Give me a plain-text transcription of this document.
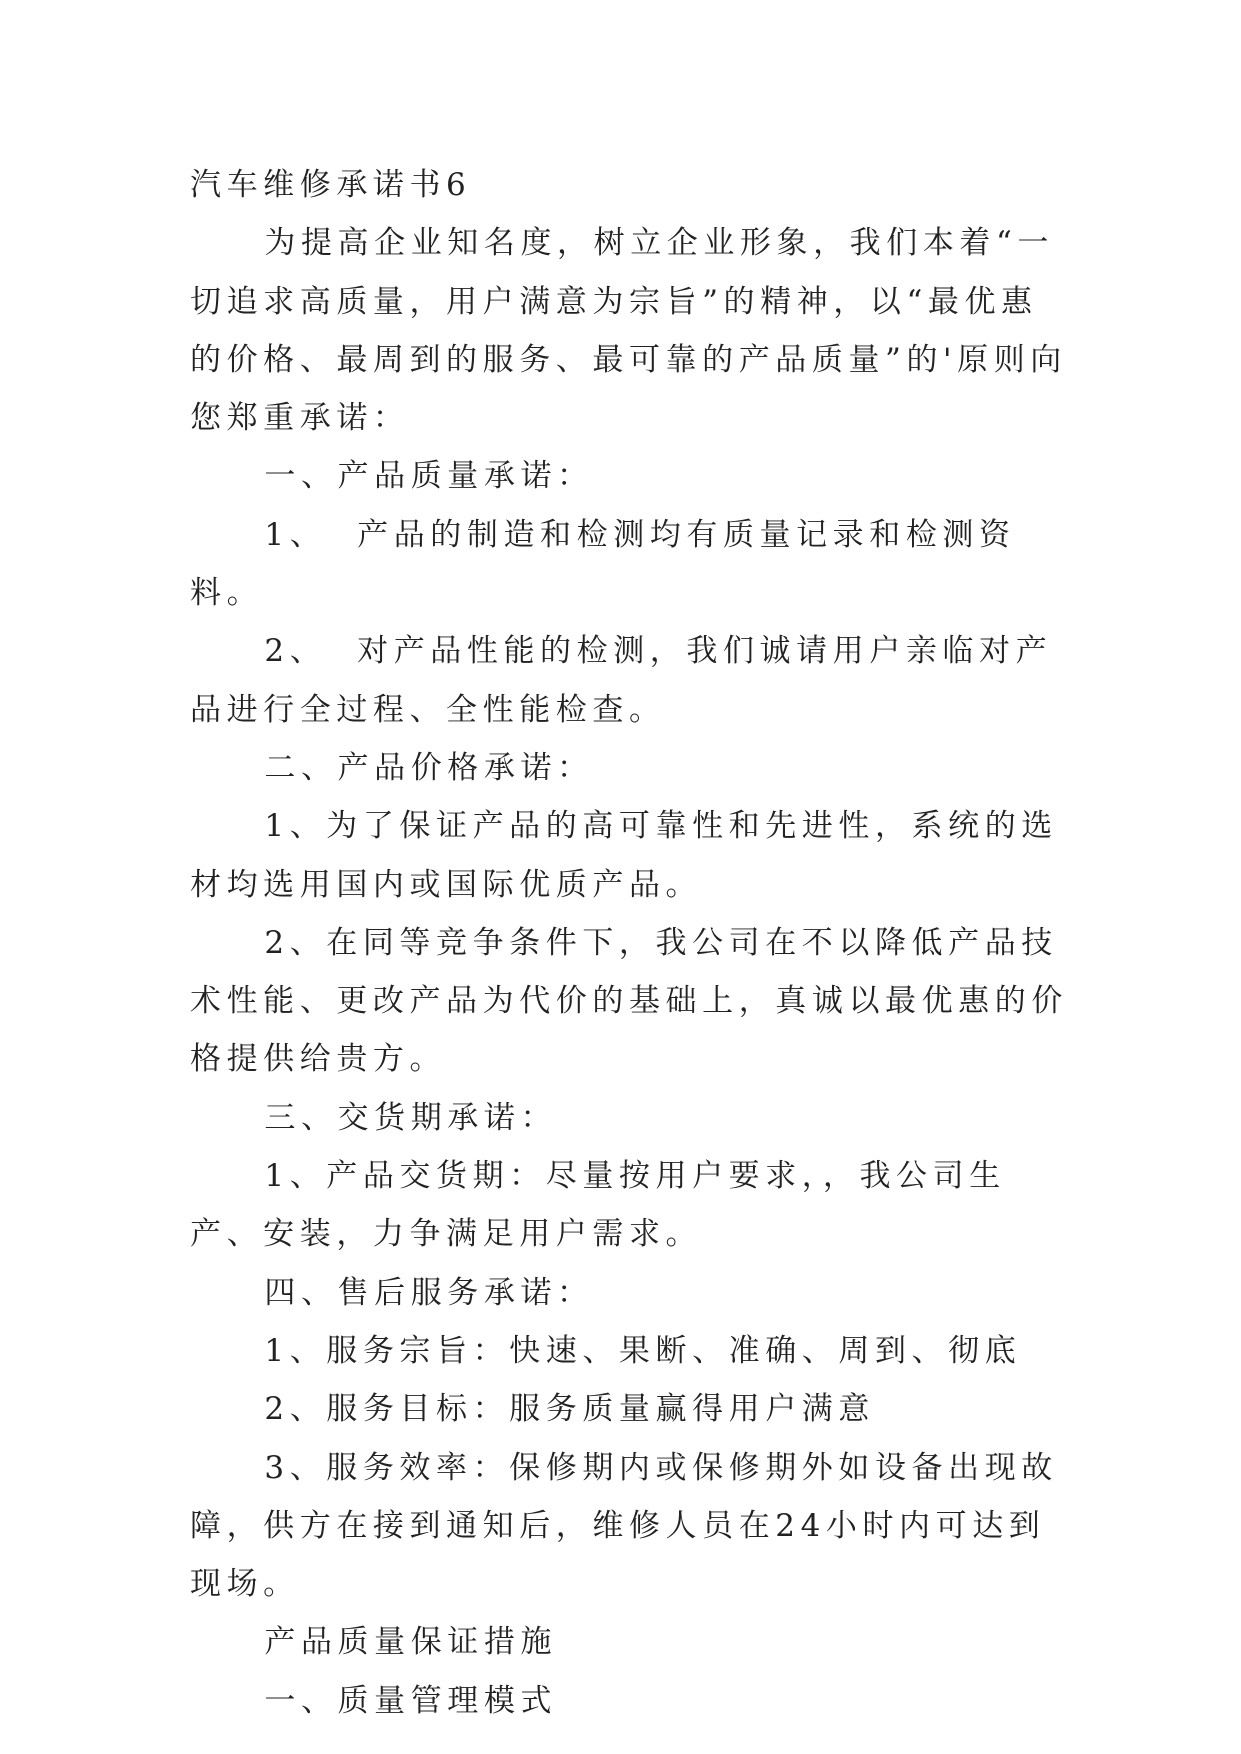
汽车维修承诺书6

为提高企业知名度，树立企业形象，我们本着“一切追求高质量，用户满意为宗旨”的精神，以“最优惠的价格、最周到的服务、最可靠的产品质量”的'原则向您郑重承诺：

一、产品质量承诺：

1、  产品的制造和检测均有质量记录和检测资料。

2、  对产品性能的检测，我们诚请用户亲临对产品进行全过程、全性能检查。

二、产品价格承诺：

1、为了保证产品的高可靠性和先进性，系统的选材均选用国内或国际优质产品。

2、在同等竞争条件下，我公司在不以降低产品技术性能、更改产品为代价的基础上，真诚以最优惠的价格提供给贵方。

三、交货期承诺：

1、产品交货期：尽量按用户要求，，我公司生产、安装，力争满足用户需求。

四、售后服务承诺：

1、服务宗旨：快速、果断、准确、周到、彻底

2、服务目标：服务质量赢得用户满意

3、服务效率：保修期内或保修期外如设备出现故障，供方在接到通知后，维修人员在24小时内可达到现场。

产品质量保证措施

一、质量管理模式
